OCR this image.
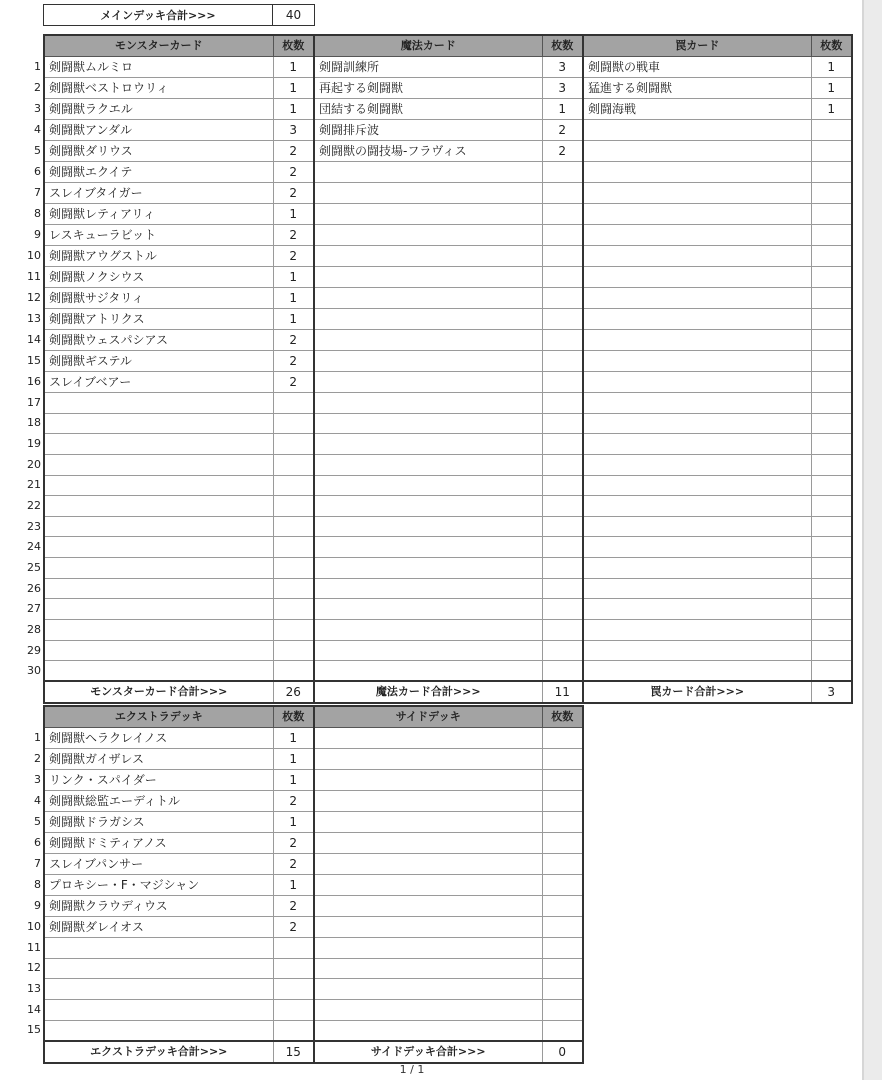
メインデッキ合計>>>	40
	モンスターカード	枚数	魔法カード	枚数	罠カード	枚数
1	剣闘獣ムルミロ	1	剣闘訓練所	3	剣闘獣の戦車	1
2	剣闘獣ベストロウリィ	1	再起する剣闘獣	3	猛進する剣闘獣	1
3	剣闘獣ラクエル	1	団結する剣闘獣	1	剣闘海戦	1
4	剣闘獣アンダル	3	剣闘排斥波	2		
5	剣闘獣ダリウス	2	剣闘獣の闘技場-フラヴィス	2		
6	剣闘獣エクイテ	2				
7	スレイブタイガー	2				
8	剣闘獣レティアリィ	1				
9	レスキューラビット	2				
10	剣闘獣アウグストル	2				
11	剣闘獣ノクシウス	1				
12	剣闘獣サジタリィ	1				
13	剣闘獣アトリクス	1				
14	剣闘獣ウェスパシアス	2				
15	剣闘獣ギステル	2				
16	スレイブベアー	2				
17						
18						
19						
20						
21						
22						
23						
24						
25						
26						
27						
28						
29						
30						
	モンスターカード合計>>>	26	魔法カード合計>>>	11	罠カード合計>>>	3
	エクストラデッキ	枚数	サイドデッキ	枚数
1	剣闘獣ヘラクレイノス	1		
2	剣闘獣ガイザレス	1		
3	リンク・スパイダー	1		
4	剣闘獣総監エーディトル	2		
5	剣闘獣ドラガシス	1		
6	剣闘獣ドミティアノス	2		
7	スレイブパンサー	2		
8	プロキシー・F・マジシャン	1		
9	剣闘獣クラウディウス	2		
10	剣闘獣ダレイオス	2		
11				
12				
13				
14				
15				
	エクストラデッキ合計>>>	15	サイドデッキ合計>>>	0
1 / 1
